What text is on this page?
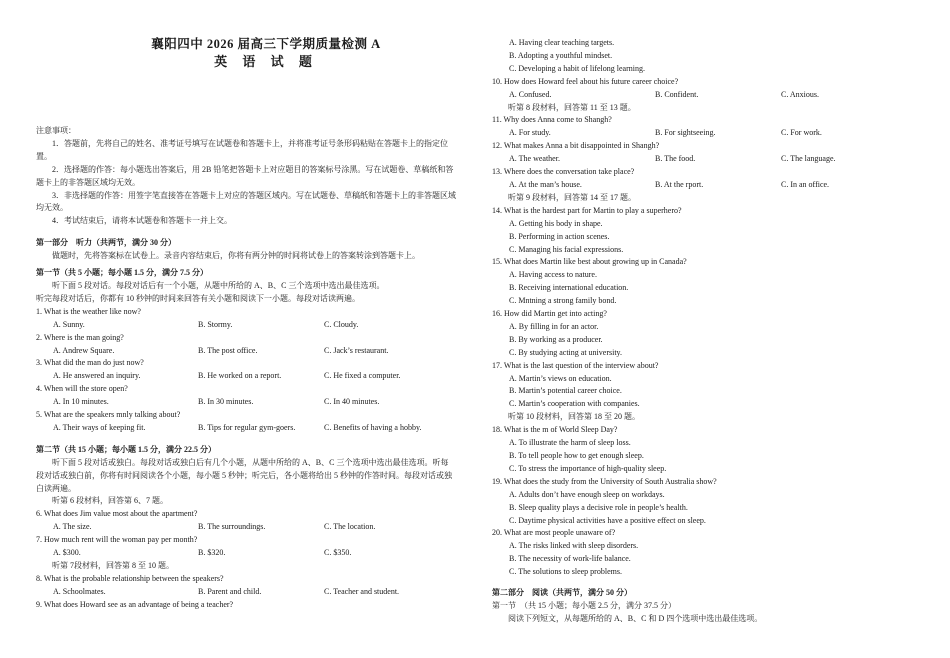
襄阳四中 2026 届高三下学期质量检测 A
英 语 试 题
注意事项：
1．答题前，先将自己的姓名、准考证号填写在试题卷和答题卡上，并将准考证号条形码粘贴在答题卡上的指定位置。
2．选择题的作答：每小题选出答案后，用 2B 铅笔把答题卡上对应题目的答案标号涂黑。写在试题卷、草稿纸和答题卡上的非答题区域均无效。
3．非选择题的作答：用签字笔直接答在答题卡上对应的答题区域内。写在试题卷、草稿纸和答题卡上的非答题区域均无效。
4．考试结束后，请将本试题卷和答题卡一并上交。
第一部分　听力（共两节，满分 30 分）
做题时，先将答案标在试卷上。录音内容结束后，你将有两分钟的时间将试卷上的答案转涂到答题卡上。
第一节（共 5 小题；每小题 1.5 分，满分 7.5 分）
听下面 5 段对话。每段对话后有一个小题，从题中所给的 A、B、C 三个选项中选出最佳选项。
听完每段对话后，你都有 10 秒钟的时间来回答有关小题和阅读下一小题。每段对话读两遍。
1. What is the weather like now?
A. Sunny.	B. Stormy.	C. Cloudy.
2. Where is the man going?
A. Andrew Square.	B. The post office.	C. Jack’s restaurant.
3. What did the man do just now?
A. He answered an inquiry.	B. He worked on a report.	C. He fixed a computer.
4. When will the store open?
A. In 10 minutes.	B. In 30 minutes.	C. In 40 minutes.
5. What are the speakers mnly talking about?
A. Their ways of keeping fit.	B. Tips for regular gym-goers.	C. Benefits of having a hobby.
第二节（共 15 小题；每小题 1.5 分，满分 22.5 分）
听下面 5 段对话或独白。每段对话或独白后有几个小题，从题中所给的 A、B、C 三个选项中选出最佳选项。听每段对话或独白前，你将有时间阅读各个小题，每小题 5 秒钟；听完后，各小题将给出 5 秒钟的作答时间。每段对话或独白读两遍。
听第 6 段材料，回答第 6、7 题。
6. What does Jim value most about the apartment?
A. The size.	B. The surroundings.	C. The location.
7. How much rent will the woman pay per month?
A. $300.	B. $320.	C. $350.
听第 7段材料，回答第 8 至 10 题。
8. What is the probable relationship between the speakers?
A. Schoolmates.	B. Parent and child.	C. Teacher and student.
9. What does Howard see as an advantage of being a teacher?
A. Having clear teaching targets.
B. Adopting a youthful mindset.
C. Developing a habit of lifelong learning.
10. How does Howard feel about his future career choice?
A. Confused.	B. Confident.	C. Anxious.
听第 8 段材料，回答第 11 至 13 题。
11. Why does Anna come to Shangh?
A. For study.	B. For sightseeing.	C. For work.
12. What makes Anna a bit disappointed in Shangh?
A. The weather.	B. The food.	C. The language.
13. Where does the conversation take place?
A. At the man’s house.	B. At the rport.	C. In an office.
听第 9 段材料，回答第 14 至 17 题。
14. What is the hardest part for Martin to play a superhero?
A. Getting his body in shape.
B. Performing in action scenes.
C. Managing his facial expressions.
15. What does Martin like best about growing up in Canada?
A. Having access to nature.
B. Receiving international education.
C. Mntning a strong family bond.
16. How did Martin get into acting?
A. By filling in for an actor.
B. By working as a producer.
C. By studying acting at university.
17. What is the last question of the interview about?
A. Martin’s views on education.
B. Martin’s potential career choice.
C. Martin’s cooperation with companies.
听第 10 段材料，回答第 18 至 20 题。
18. What is the m of World Sleep Day?
A. To illustrate the harm of sleep loss.
B. To tell people how to get enough sleep.
C. To stress the importance of high-quality sleep.
19. What does the study from the University of South Australia show?
A. Adults don’t have enough sleep on workdays.
B. Sleep quality plays a decisive role in people’s health.
C. Daytime physical activities have a positive effect on sleep.
20. What are most people unaware of?
A. The risks linked with sleep disorders.
B. The necessity of work-life balance.
C. The solutions to sleep problems.
第二部分　阅读（共两节，满分 50 分）
第一节　（共 15 小题；每小题 2.5 分，满分 37.5 分）
阅读下列短文，从每题所给的 A、B、C 和 D 四个选项中选出最佳选项。
